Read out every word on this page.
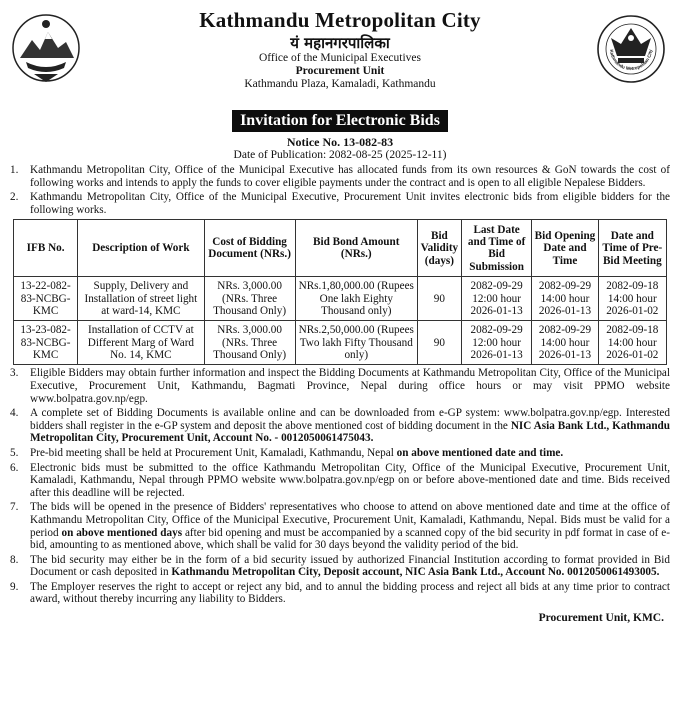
Kathmandu Metropolitan City
यं महानगरपालिका
Office of the Municipal Executives
Procurement Unit
Kathmandu Plaza, Kamaladi, Kathmandu
Kathmandu Metropolitan City
Invitation for Electronic Bids
Notice No. 13-082-83
Date of Publication: 2082-08-25 (2025-12-11)
1.	Kathmandu Metropolitan City, Office of the Municipal Executive has allocated funds from its own resources & GoN towards the cost of following works and intends to apply the funds to cover eligible payments under the contract and is open to all eligible Nepalese Bidders.
2.	Kathmandu Metropolitan City, Office of the Municipal Executive, Procurement Unit invites electronic bids from eligible bidders for the following works.
IFB No.	Description of Work	Cost of Bidding Document (NRs.)	Bid Bond Amount (NRs.)	Bid Validity (days)	Last Date and Time of Bid Submission	Bid Opening Date and Time	Date and Time of Pre-Bid Meeting
13-22-082-83-NCBG-KMC	Supply, Delivery and Installation of street light at ward-14, KMC	NRs. 3,000.00 (NRs. Three Thousand Only)	NRs.1,80,000.00 (Rupees One lakh Eighty Thousand only)	90	2082-09-29 12:00 hour 2026-01-13	2082-09-29 14:00 hour 2026-01-13	2082-09-18 14:00 hour 2026-01-02
13-23-082-83-NCBG-KMC	Installation of CCTV at Different Marg of Ward No. 14, KMC	NRs. 3,000.00 (NRs. Three Thousand Only)	NRs.2,50,000.00 (Rupees Two lakh Fifty Thousand only)	90	2082-09-29 12:00 hour 2026-01-13	2082-09-29 14:00 hour 2026-01-13	2082-09-18 14:00 hour 2026-01-02
3.	Eligible Bidders may obtain further information and inspect the Bidding Documents at Kathmandu Metropolitan City, Office of the Municipal Executive, Procurement Unit, Kathmandu, Bagmati Province, Nepal during office hours or may visit PPMO website www.bolpatra.gov.np/egp.
4.	A complete set of Bidding Documents is available online and can be downloaded from e-GP system: www.bolpatra.gov.np/egp. Interested bidders shall register in the e-GP system and deposit the above mentioned cost of bidding document in the NIC Asia Bank Ltd., Kathmandu Metropolitan City, Procurement Unit, Account No. - 0012050061475043.
5.	Pre-bid meeting shall be held at Procurement Unit, Kamaladi, Kathmandu, Nepal on above mentioned date and time.
6.	Electronic bids must be submitted to the office Kathmandu Metropolitan City, Office of the Municipal Executive, Procurement Unit, Kamaladi, Kathmandu, Nepal through PPMO website www.bolpatra.gov.np/egp on or before above-mentioned date and time. Bids received after this deadline will be rejected.
7.	The bids will be opened in the presence of Bidders' representatives who choose to attend on above mentioned date and time at the office of Kathmandu Metropolitan City, Office of the Municipal Executive, Procurement Unit, Kamaladi, Kathmandu, Nepal. Bids must be valid for a period on above mentioned days after bid opening and must be accompanied by a scanned copy of the bid security in pdf format in case of e-bid, amounting to as mentioned above, which shall be valid for 30 days beyond the validity period of the bid.
8.	The bid security may either be in the form of a bid security issued by authorized Financial Institution according to format provided in Bid Document or cash deposited in Kathmandu Metropolitan City, Deposit account, NIC Asia Bank Ltd., Account No. 0012050061493005.
9.	The Employer reserves the right to accept or reject any bid, and to annul the bidding process and reject all bids at any time prior to contract award, without thereby incurring any liability to Bidders.
Procurement Unit, KMC.
